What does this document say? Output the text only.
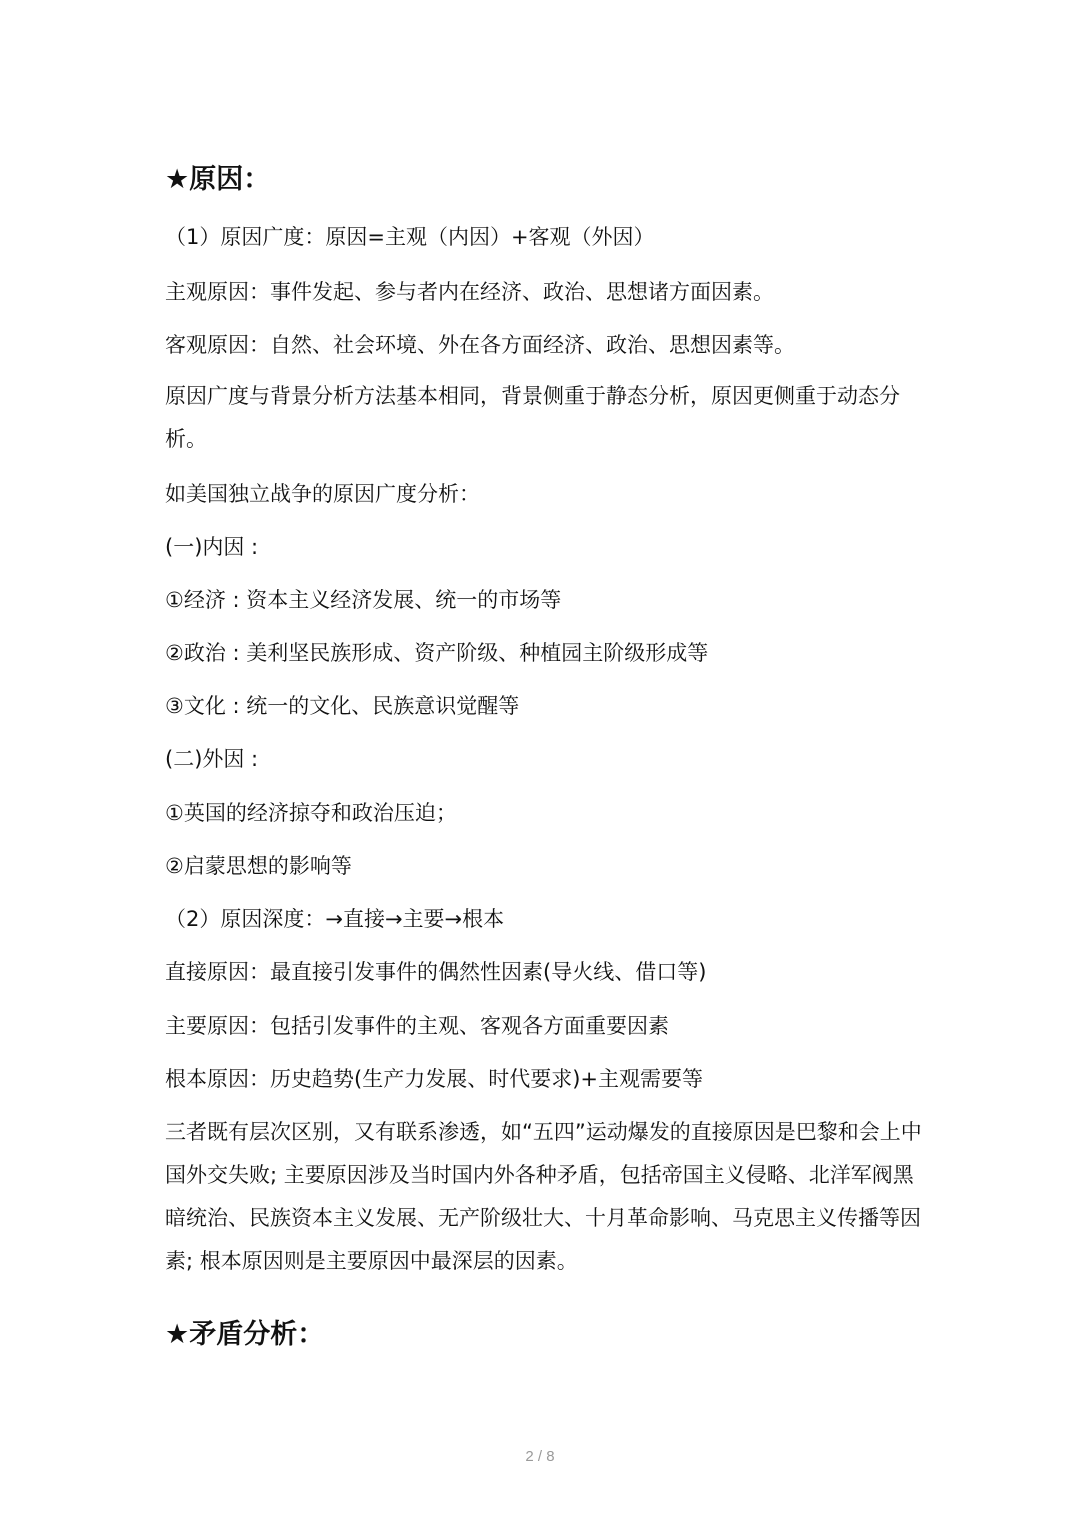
★原因：
（1）原因广度：原因=主观（内因）+客观（外因）
主观原因：事件发起、参与者内在经济、政治、思想诸方面因素。
客观原因：自然、社会环境、外在各方面经济、政治、思想因素等。
原因广度与背景分析方法基本相同，背景侧重于静态分析，原因更侧重于动态分析。
如美国独立战争的原因广度分析：
(一)内因 :
①经济 : 资本主义经济发展、统一的市场等
②政治 : 美利坚民族形成、资产阶级、种植园主阶级形成等
③文化 : 统一的文化、民族意识觉醒等
(二)外因 :
①英国的经济掠夺和政治压迫；
②启蒙思想的影响等
（2）原因深度：→直接→主要→根本
直接原因：最直接引发事件的偶然性因素(导火线、借口等)
主要原因：包括引发事件的主观、客观各方面重要因素
根本原因：历史趋势(生产力发展、时代要求)+主观需要等
三者既有层次区别，又有联系渗透，如“五四”运动爆发的直接原因是巴黎和会上中国外交失败; 主要原因涉及当时国内外各种矛盾，包括帝国主义侵略、北洋军阀黑暗统治、民族资本主义发展、无产阶级壮大、十月革命影响、马克思主义传播等因素; 根本原因则是主要原因中最深层的因素。
★矛盾分析：
2 / 8
